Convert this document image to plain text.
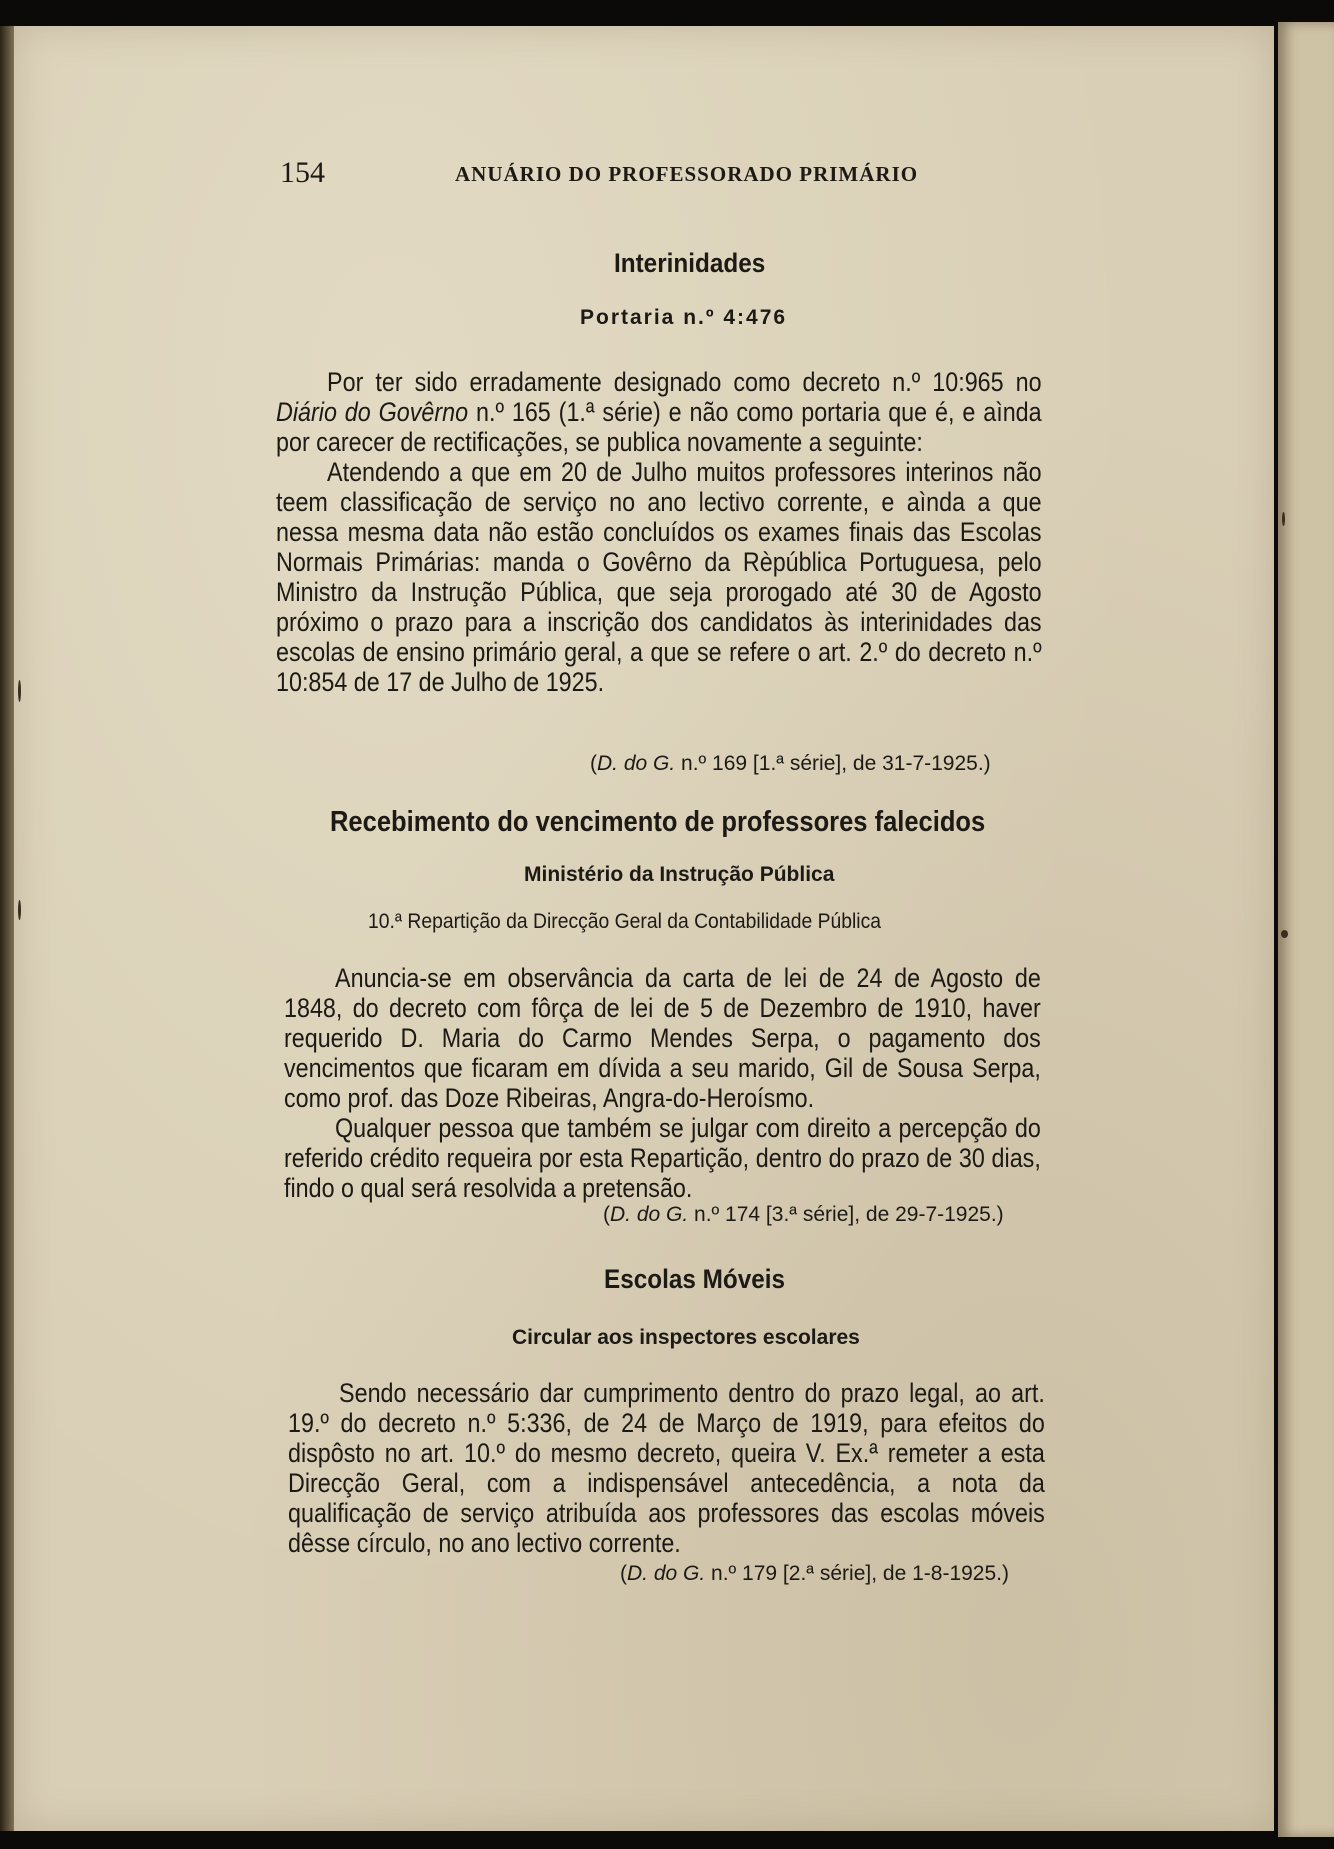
154	ANUÁRIO DO PROFESSORADO PRIMÁRIO
Interinidades
Portaria n.º 4:476

Por ter sido erradamente designado como decreto n.º 10:965 no Diário do Govêrno n.º 165 (1.ª série) e não como portaria que é, e aìnda por carecer de rectificações, se publica novamente a seguinte:

Atendendo a que em 20 de Julho muitos professores interinos não teem classificação de serviço no ano lectivo corrente, e aìnda a que nessa mesma data não estão concluídos os exames finais das Escolas Normais Primárias: manda o Govêrno da Rèpública Portuguesa, pelo Ministro da Instrução Pública, que seja prorogado até 30 de Agosto próximo o prazo para a inscrição dos candidatos às interinidades das escolas de ensino primário geral, a que se refere o art. 2.º do decreto n.º 10:854 de 17 de Julho de 1925.

(D. do G. n.º 169 [1.ª série], de 31-7-1925.)
Recebimento do vencimento de professores falecidos
Ministério da Instrução Pública
10.ª Repartição da Direcção Geral da Contabilidade Pública

Anuncia-se em observância da carta de lei de 24 de Agosto de 1848, do decreto com fôrça de lei de 5 de Dezembro de 1910, haver requerido D. Maria do Carmo Mendes Serpa, o pagamento dos vencimentos que ficaram em dívida a seu marido, Gil de Sousa Serpa, como prof. das Doze Ribeiras, Angra-do-Heroísmo.

Qualquer pessoa que também se julgar com direito a percepção do referido crédito requeira por esta Repartição, dentro do prazo de 30 dias, findo o qual será resolvida a pretensão.

(D. do G. n.º 174 [3.ª série], de 29-7-1925.)
Escolas Móveis
Circular aos inspectores escolares

Sendo necessário dar cumprimento dentro do prazo legal, ao art. 19.º do decreto n.º 5:336, de 24 de Março de 1919, para efeitos do dispôsto no art. 10.º do mesmo decreto, queira V. Ex.ª remeter a esta Direcção Geral, com a indispensável antecedência, a nota da qualificação de serviço atribuída aos professores das escolas móveis dêsse círculo, no ano lectivo corrente.

(D. do G. n.º 179 [2.ª série], de 1-8-1925.)
